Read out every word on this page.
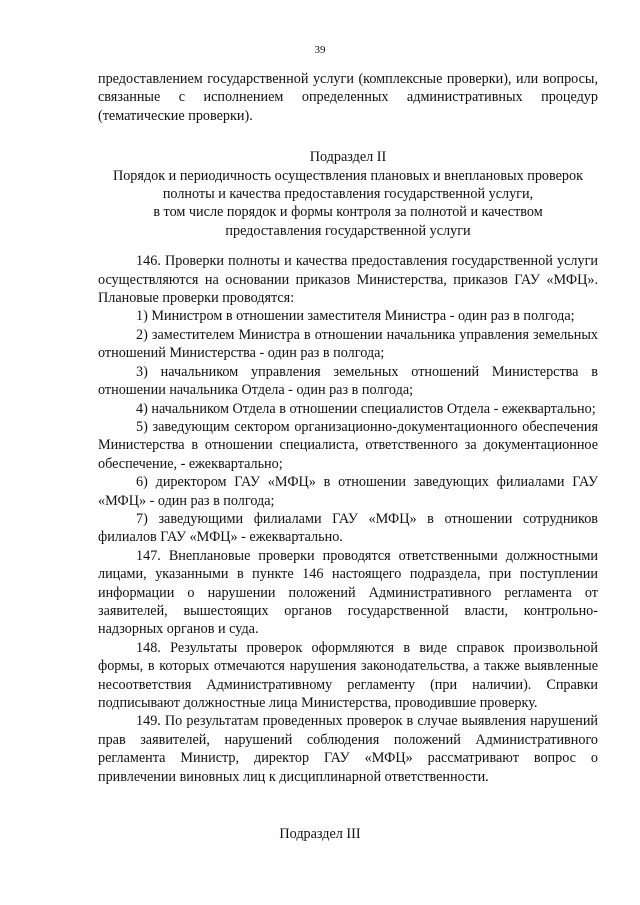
39

предоставлением государственной услуги (комплексные проверки), или вопросы, связанные с исполнением определенных административных процедур (тематические проверки).

Подраздел II

Порядок и периодичность осуществления плановых и внеплановых проверок

полноты и качества предоставления государственной услуги,

в том числе порядок и формы контроля за полнотой и качеством

предоставления государственной услуги

146. Проверки полноты и качества предоставления государственной услуги осуществляются на основании приказов Министерства, приказов ГАУ «МФЦ». Плановые проверки проводятся:

1) Министром в отношении заместителя Министра - один раз в полгода;

2) заместителем Министра в отношении начальника управления земельных отношений Министерства - один раз в полгода;

3) начальником управления земельных отношений Министерства в отношении начальника Отдела - один раз в полгода;

4) начальником Отдела в отношении специалистов Отдела - ежеквартально;

5) заведующим сектором организационно-документационного обеспечения Министерства в отношении специалиста, ответственного за документационное обеспечение, - ежеквартально;

6) директором ГАУ «МФЦ» в отношении заведующих филиалами ГАУ «МФЦ» - один раз в полгода;

7) заведующими филиалами ГАУ «МФЦ» в отношении сотрудников филиалов ГАУ «МФЦ» - ежеквартально.

147. Внеплановые проверки проводятся ответственными должностными лицами, указанными в пункте 146 настоящего подраздела, при поступлении информации о нарушении положений Административного регламента от заявителей, вышестоящих органов государственной власти, контрольно-надзорных органов и суда.

148. Результаты проверок оформляются в виде справок произвольной формы, в которых отмечаются нарушения законодательства, а также выявленные несоответствия Административному регламенту (при наличии). Справки подписывают должностные лица Министерства, проводившие проверку.

149. По результатам проведенных проверок в случае выявления нарушений прав заявителей, нарушений соблюдения положений Административного регламента Министр, директор ГАУ «МФЦ» рассматривают вопрос о привлечении виновных лиц к дисциплинарной ответственности.

Подраздел III
